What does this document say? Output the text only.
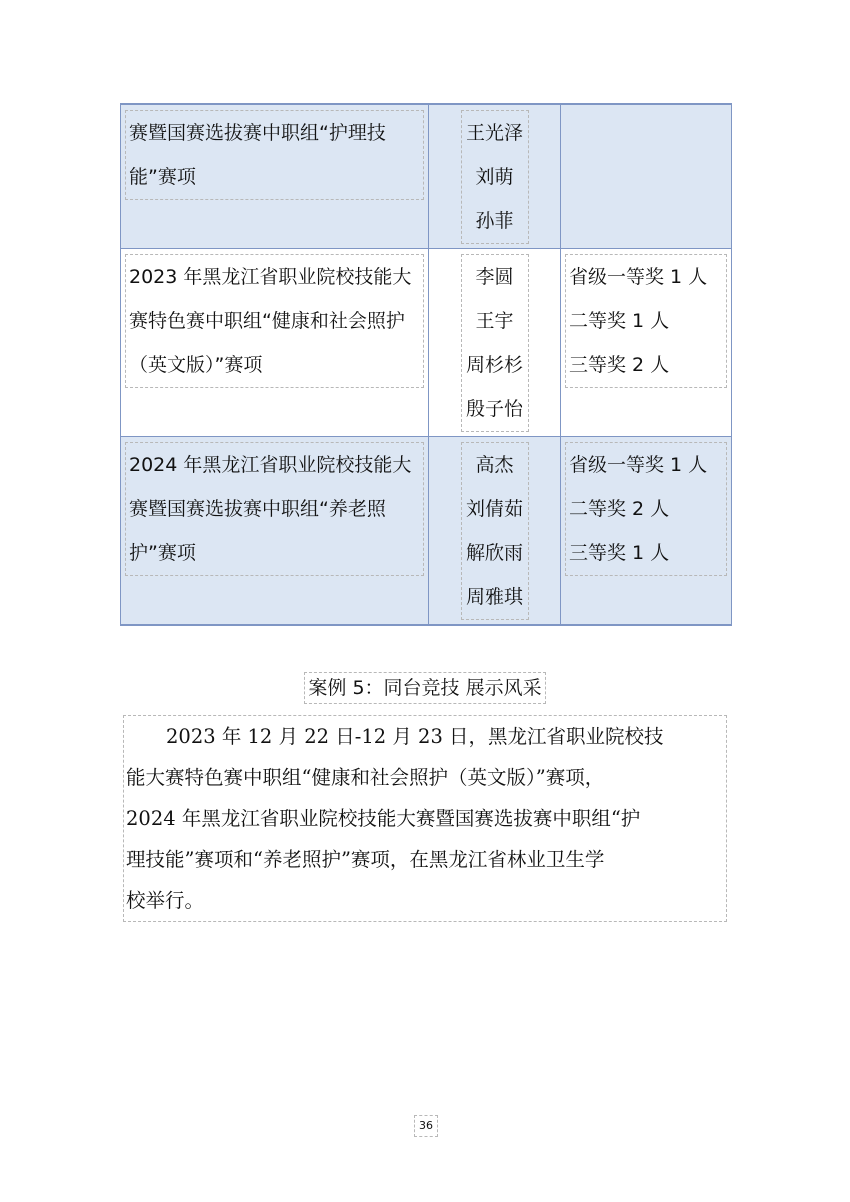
赛暨国赛选拔赛中职组“护理技
能”赛项	王光泽
刘萌
孙菲	

2023 年黑龙江省职业院校技能大
赛特色赛中职组“健康和社会照护
（英文版）”赛项	李圆
王宇
周杉杉
殷子怡	省级一等奖 1 人
二等奖 1 人
三等奖 2 人

2024 年黑龙江省职业院校技能大
赛暨国赛选拔赛中职组“养老照
护”赛项	高杰
刘倩茹
解欣雨
周雅琪	省级一等奖 1 人
二等奖 2 人
三等奖 1 人
案例 5：同台竞技 展示风采

2023 年 12 月 22 日-12 月 23 日，黑龙江省职业院校技
能大赛特色赛中职组“健康和社会照护（英文版）”赛项，
2024 年黑龙江省职业院校技能大赛暨国赛选拔赛中职组“护
理技能”赛项和“养老照护”赛项，在黑龙江省林业卫生学
校举行。

36
